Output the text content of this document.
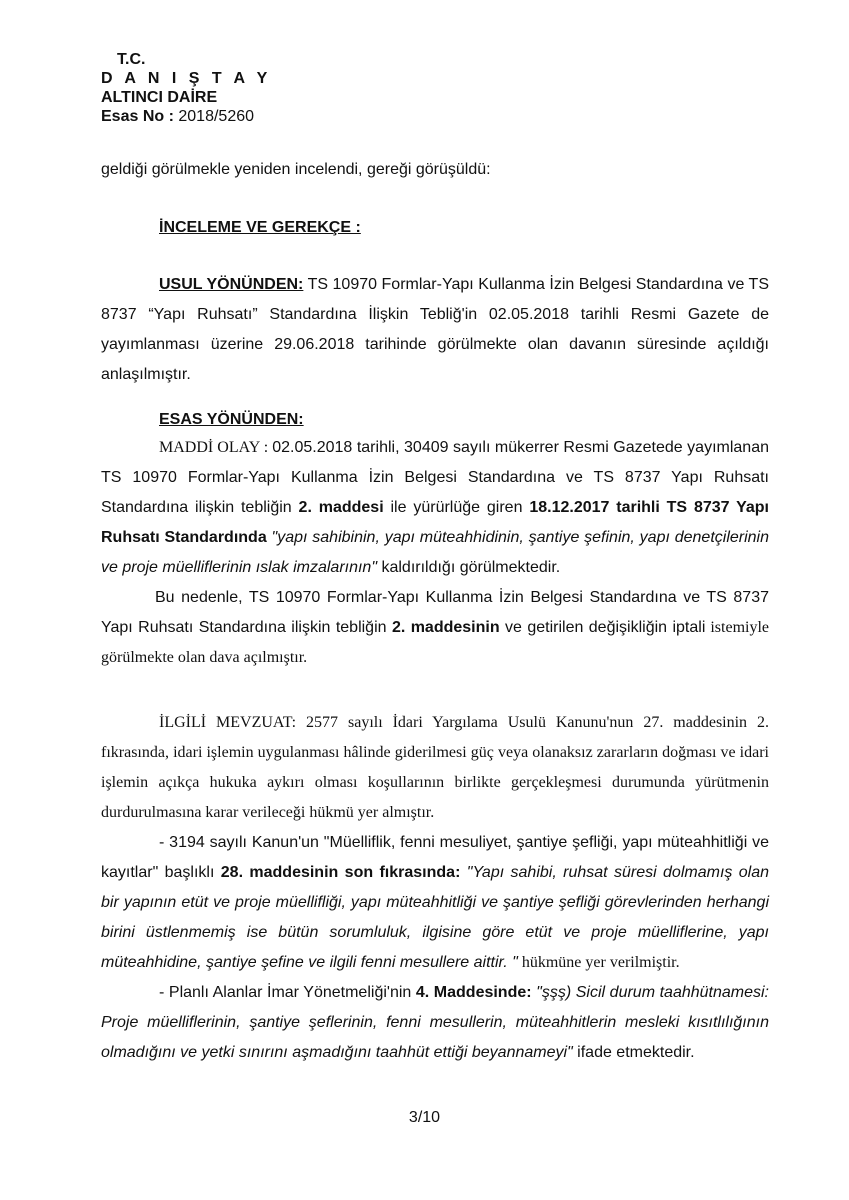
T.C.
D A N I Ş T A Y
ALTINCI DAİRE
Esas No : 2018/5260

geldiği görülmekle yeniden incelendi, gereği görüşüldü:

İNCELEME VE GEREKÇE :

USUL YÖNÜNDEN: TS 10970 Formlar-Yapı Kullanma İzin Belgesi Standardına ve TS 8737 “Yapı Ruhsatı” Standardına İlişkin Tebliğ'in 02.05.2018 tarihli Resmi Gazete de yayımlanması üzerine 29.06.2018 tarihinde görülmekte olan davanın süresinde açıldığı anlaşılmıştır.

ESAS YÖNÜNDEN:

MADDİ OLAY : 02.05.2018 tarihli, 30409 sayılı mükerrer Resmi Gazetede yayımlanan TS 10970 Formlar-Yapı Kullanma İzin Belgesi Standardına ve TS 8737 Yapı Ruhsatı Standardına ilişkin tebliğin 2. maddesi ile yürürlüğe giren 18.12.2017 tarihli TS 8737 Yapı Ruhsatı Standardında "yapı sahibinin, yapı müteahhidinin, şantiye şefinin, yapı denetçilerinin ve proje müelliflerinin ıslak imzalarının" kaldırıldığı görülmektedir.

Bu nedenle, TS 10970 Formlar-Yapı Kullanma İzin Belgesi Standardına ve TS 8737 Yapı Ruhsatı Standardına ilişkin tebliğin 2. maddesinin ve getirilen değişikliğin iptali istemiyle görülmekte olan dava açılmıştır.

İLGİLİ MEVZUAT: 2577 sayılı İdari Yargılama Usulü Kanunu'nun 27. maddesinin 2. fıkrasında, idari işlemin uygulanması hâlinde giderilmesi güç veya olanaksız zararların doğması ve idari işlemin açıkça hukuka aykırı olması koşullarının birlikte gerçekleşmesi durumunda yürütmenin durdurulmasına karar verileceği hükmü yer almıştır.

- 3194 sayılı Kanun'un "Müelliflik, fenni mesuliyet, şantiye şefliği, yapı müteahhitliği ve kayıtlar" başlıklı 28. maddesinin son fıkrasında: "Yapı sahibi, ruhsat süresi dolmamış olan bir yapının etüt ve proje müellifliği, yapı müteahhitliği ve şantiye şefliği görevlerinden herhangi birini üstlenmemiş ise bütün sorumluluk, ilgisine göre etüt ve proje müelliflerine, yapı müteahhidine, şantiye şefine ve ilgili fenni mesullere aittir. " hükmüne yer verilmiştir.

- Planlı Alanlar İmar Yönetmeliği'nin 4. Maddesinde: "şşş) Sicil durum taahhütnamesi: Proje müelliflerinin, şantiye şeflerinin, fenni mesullerin, müteahhitlerin mesleki kısıtlılığının olmadığını ve yetki sınırını aşmadığını taahhüt ettiği beyannameyi" ifade etmektedir.

3/10
